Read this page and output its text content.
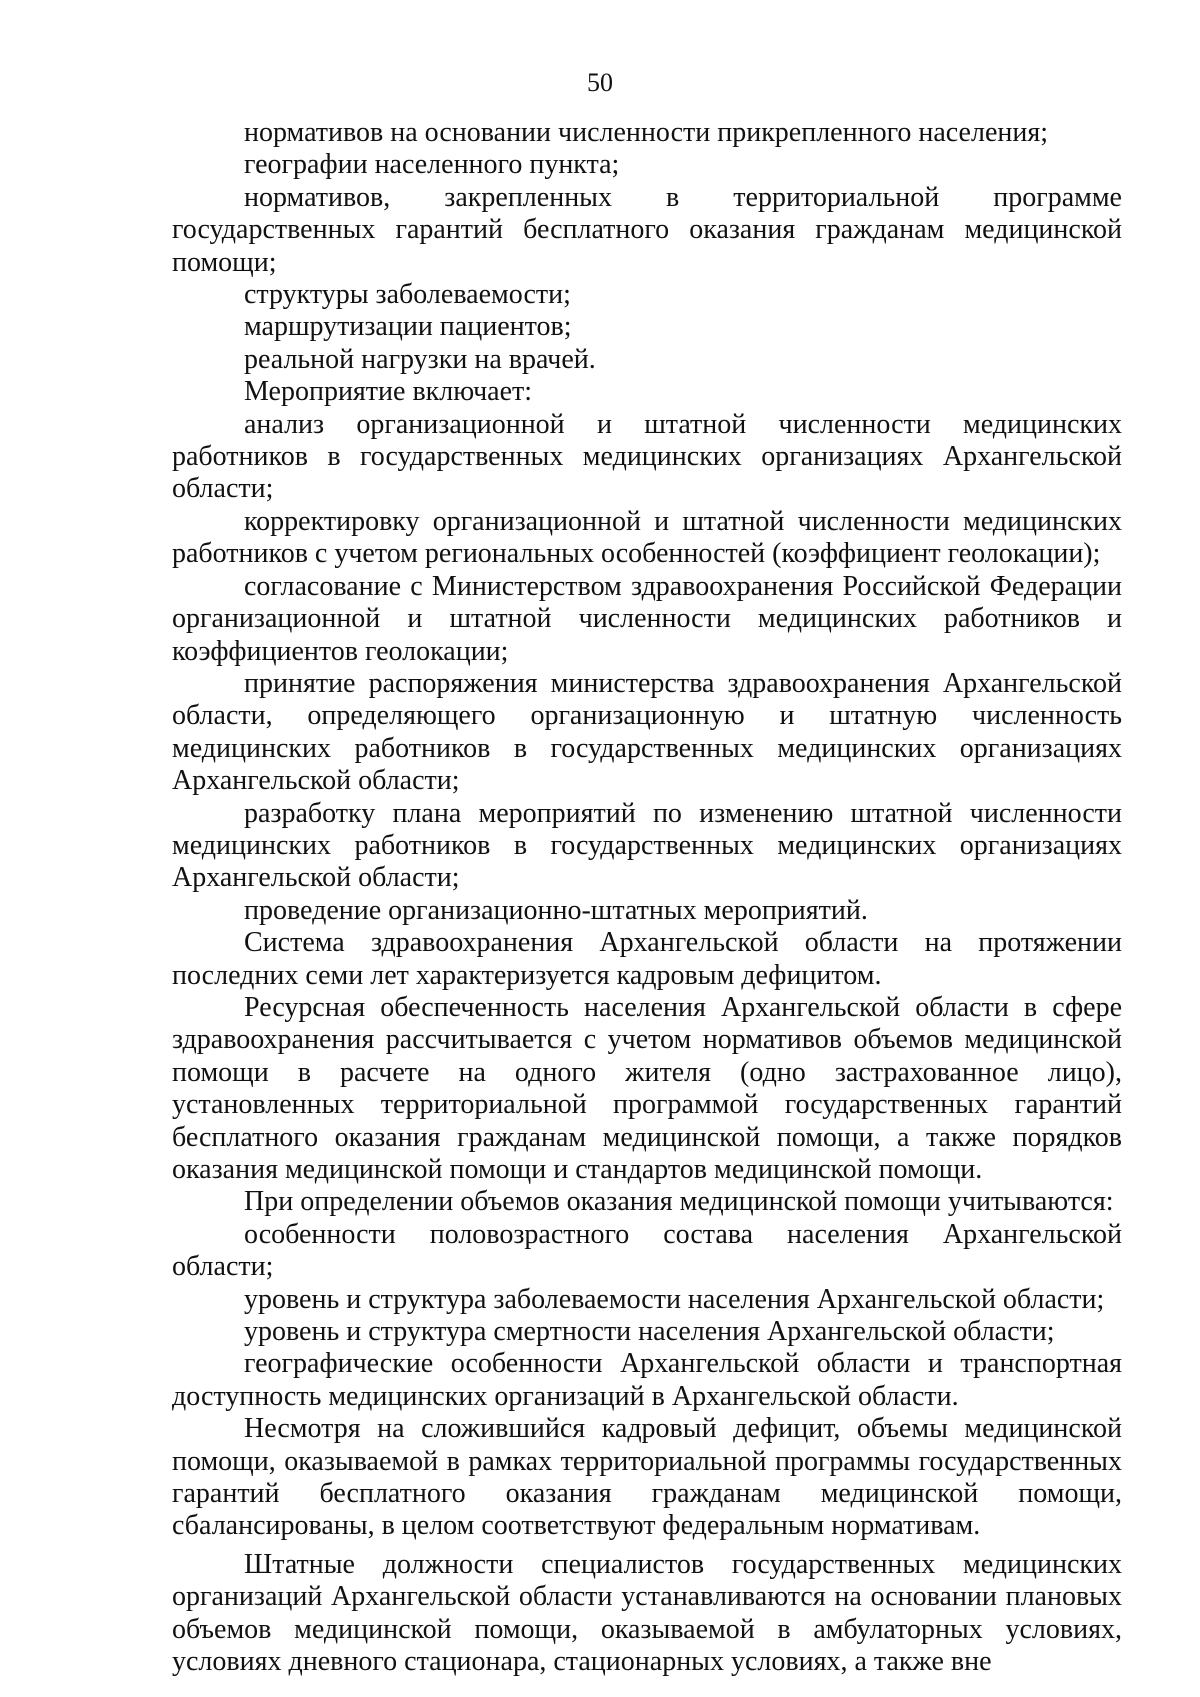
50

нормативов на основании численности прикрепленного населения;

географии населенного пункта;

нормативов, закрепленных в территориальной программе государственных гарантий бесплатного оказания гражданам медицинской помощи;

структуры заболеваемости;

маршрутизации пациентов;

реальной нагрузки на врачей.

Мероприятие включает:

анализ организационной и штатной численности медицинских работников в государственных медицинских организациях Архангельской области;

корректировку организационной и штатной численности медицинских работников с учетом региональных особенностей (коэффициент геолокации);

согласование с Министерством здравоохранения Российской Федерации организационной и штатной численности медицинских работников и коэффициентов геолокации;

принятие распоряжения министерства здравоохранения Архангельской области, определяющего организационную и штатную численность медицинских работников в государственных медицинских организациях Архангельской области;

разработку плана мероприятий по изменению штатной численности медицинских работников в государственных медицинских организациях Архангельской области;

проведение организационно-штатных мероприятий.

Система здравоохранения Архангельской области на протяжении последних семи лет характеризуется кадровым дефицитом.

Ресурсная обеспеченность населения Архангельской области в сфере здравоохранения рассчитывается с учетом нормативов объемов медицинской помощи в расчете на одного жителя (одно застрахованное лицо), установленных территориальной программой государственных гарантий бесплатного оказания гражданам медицинской помощи, а также порядков оказания медицинской помощи и стандартов медицинской помощи.

При определении объемов оказания медицинской помощи учитываются:

особенности половозрастного состава населения Архангельской области;

уровень и структура заболеваемости населения Архангельской области;

уровень и структура смертности населения Архангельской области;

географические особенности Архангельской области и транспортная доступность медицинских организаций в Архангельской области.

Несмотря на сложившийся кадровый дефицит, объемы медицинской помощи, оказываемой в рамках территориальной программы государственных гарантий бесплатного оказания гражданам медицинской помощи, сбалансированы, в целом соответствуют федеральным нормативам.

Штатные должности специалистов государственных медицинских организаций Архангельской области устанавливаются на основании плановых объемов медицинской помощи, оказываемой в амбулаторных условиях, условиях дневного стационара, стационарных условиях, а также вне
